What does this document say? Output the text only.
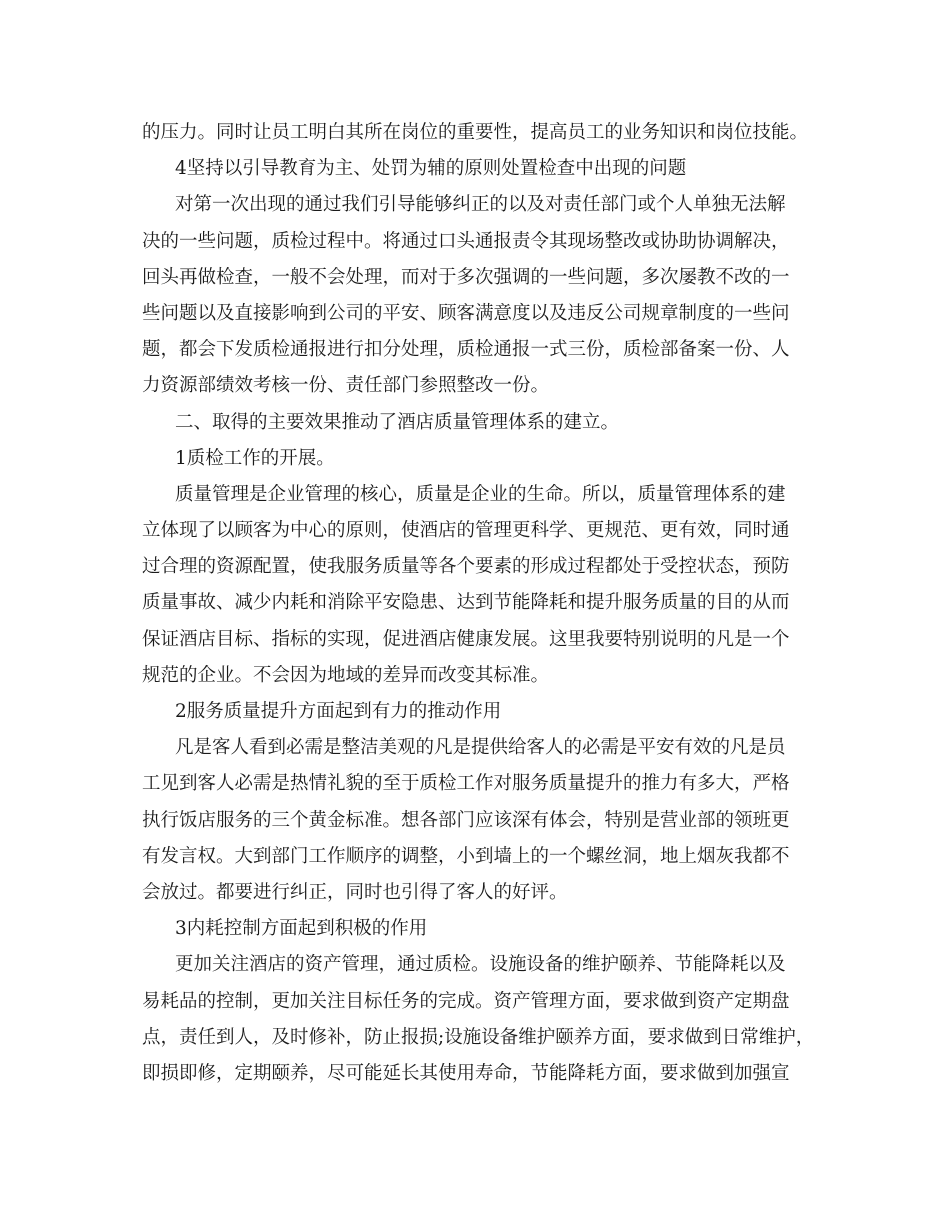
的压力。同时让员工明白其所在岗位的重要性，提高员工的业务知识和岗位技能。
4坚持以引导教育为主、处罚为辅的原则处置检查中出现的问题
对第一次出现的通过我们引导能够纠正的以及对责任部门或个人单独无法解
决的一些问题，质检过程中。将通过口头通报责令其现场整改或协助协调解决，
回头再做检查，一般不会处理，而对于多次强调的一些问题，多次屡教不改的一
些问题以及直接影响到公司的平安、顾客满意度以及违反公司规章制度的一些问
题，都会下发质检通报进行扣分处理，质检通报一式三份，质检部备案一份、人
力资源部绩效考核一份、责任部门参照整改一份。
二、取得的主要效果推动了酒店质量管理体系的建立。
1质检工作的开展。
质量管理是企业管理的核心，质量是企业的生命。所以，质量管理体系的建
立体现了以顾客为中心的原则，使酒店的管理更科学、更规范、更有效，同时通
过合理的资源配置，使我服务质量等各个要素的形成过程都处于受控状态，预防
质量事故、减少内耗和消除平安隐患、达到节能降耗和提升服务质量的目的从而
保证酒店目标、指标的实现，促进酒店健康发展。这里我要特别说明的凡是一个
规范的企业。不会因为地域的差异而改变其标准。
2服务质量提升方面起到有力的推动作用
凡是客人看到必需是整洁美观的凡是提供给客人的必需是平安有效的凡是员
工见到客人必需是热情礼貌的至于质检工作对服务质量提升的推力有多大，严格
执行饭店服务的三个黄金标准。想各部门应该深有体会，特别是营业部的领班更
有发言权。大到部门工作顺序的调整，小到墙上的一个螺丝洞，地上烟灰我都不
会放过。都要进行纠正，同时也引得了客人的好评。
3内耗控制方面起到积极的作用
更加关注酒店的资产管理，通过质检。设施设备的维护颐养、节能降耗以及
易耗品的控制，更加关注目标任务的完成。资产管理方面，要求做到资产定期盘
点，责任到人，及时修补，防止报损;设施设备维护颐养方面，要求做到日常维护，
即损即修，定期颐养，尽可能延长其使用寿命，节能降耗方面，要求做到加强宣
